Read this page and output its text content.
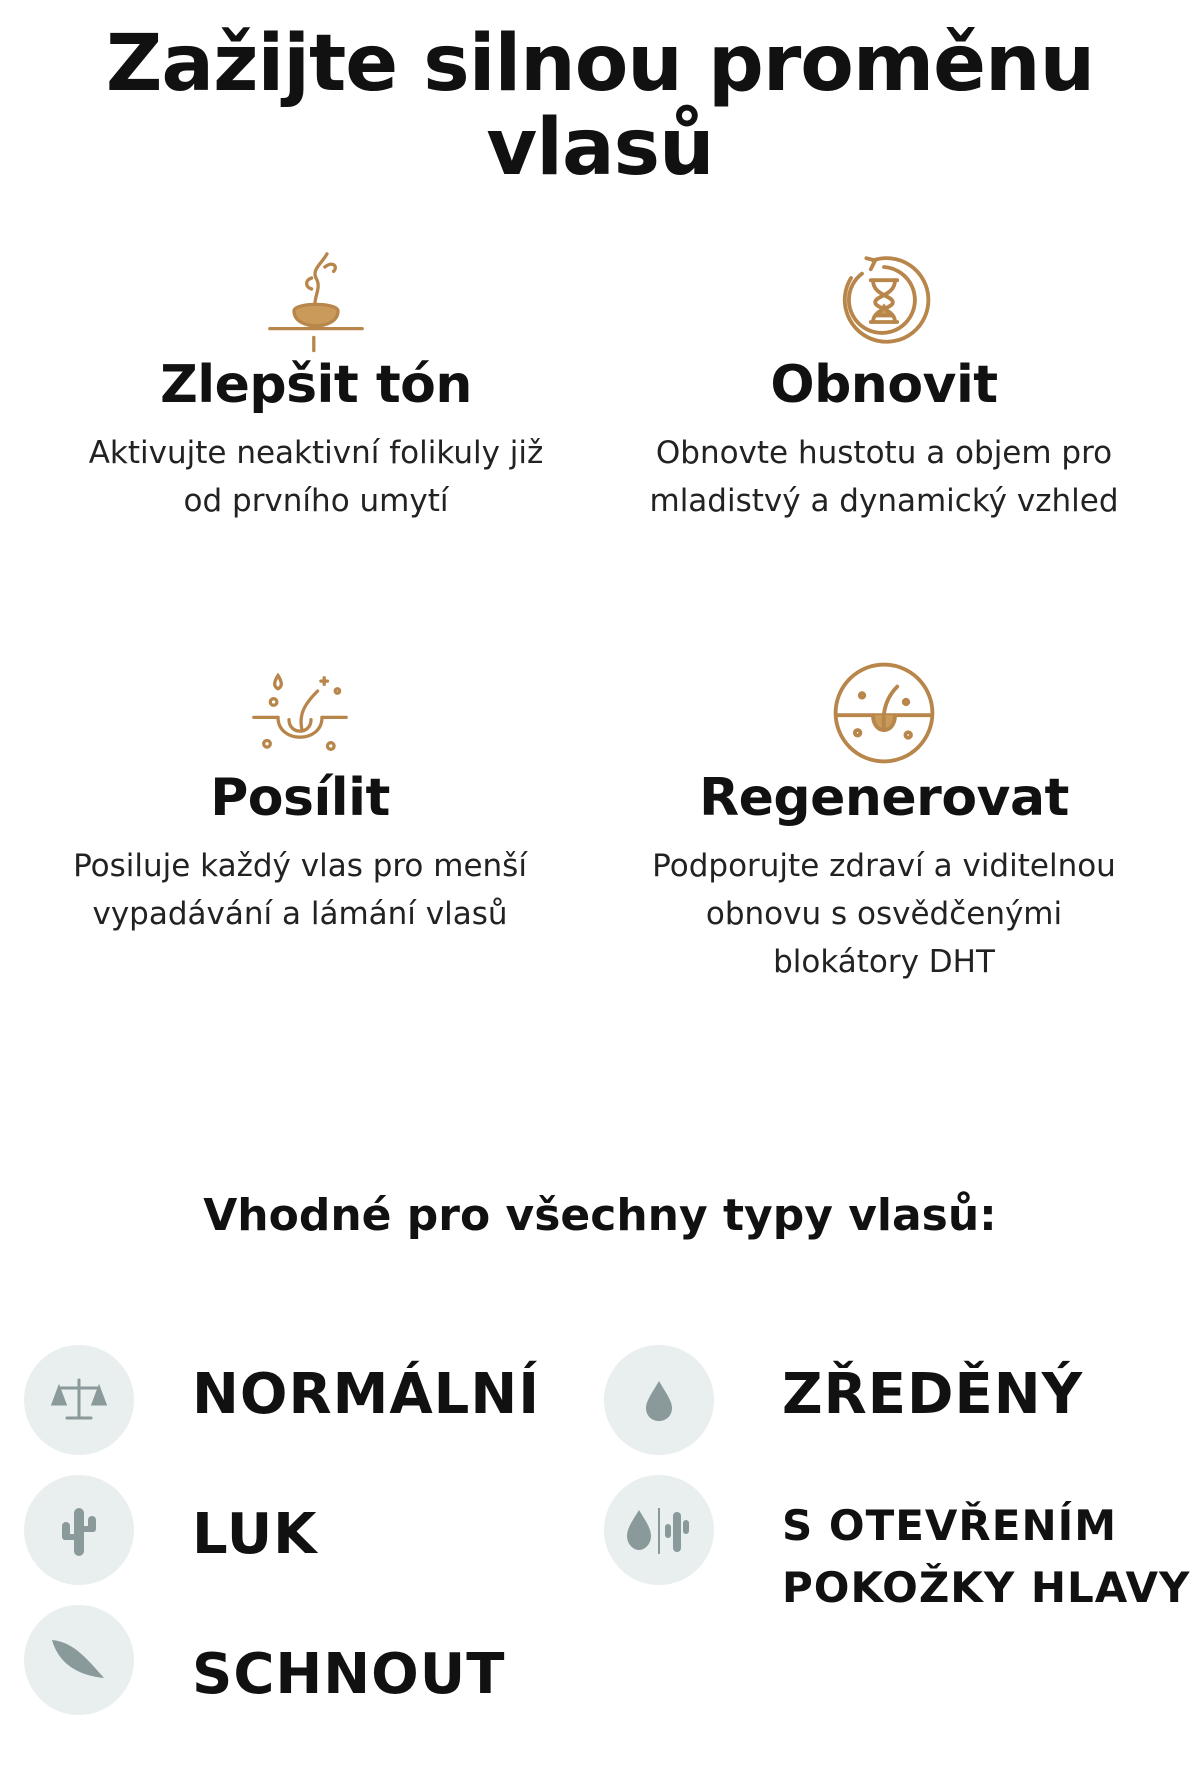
Zažijte silnou proměnu
vlasů
Zlepšit tón

Aktivujte neaktivní folikuly již
od prvního umytí

Obnovit

Obnovte hustotu a objem pro
mladistvý a dynamický vzhled

Posílit

Posiluje každý vlas pro menší
vypadávání a lámání vlasů

Regenerovat

Podporujte zdraví a viditelnou
obnovu s osvědčenými
blokátory DHT

Vhodné pro všechny typy vlasů:
NORMÁLNÍ	ZŘEDĚNÝ
LUK	S OTEVŘENÍM
POKOŽKY HLAVY
SCHNOUT
